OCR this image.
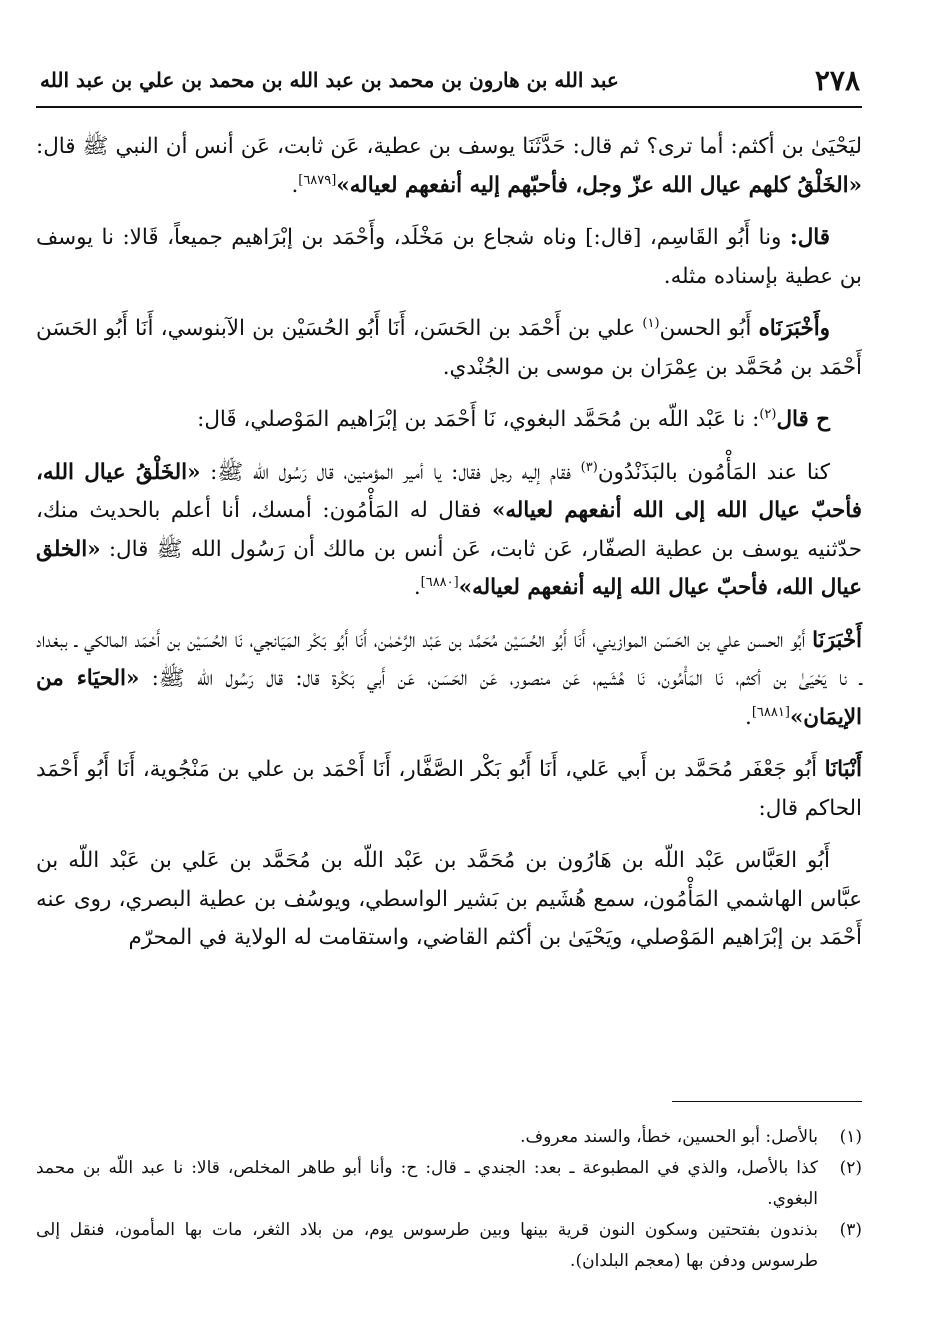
٢٧٨
عبد الله بن هارون بن محمد بن عبد الله بن محمد بن علي بن عبد الله

ليَحْيَىٰ بن أكثم: أما ترى؟ ثم قال: حَدَّثَنَا يوسف بن عطية، عَن ثابت، عَن أنس أن النبي ﷺ قال: «الخَلْقُ كلهم عيال الله عزّ وجل، فأحبّهم إليه أنفعهم لعياله»[٦٨٧٩].

قال: ونا أَبُو القَاسِم، [قال:] وناه شجاع بن مَخْلَد، وأَحْمَد بن إبْرَاهيم جميعاً، قَالا: نا يوسف بن عطية بإسناده مثله.

وأَخْبَرَنَاه أَبُو الحسن$^{(١)}$ علي بن أَحْمَد بن الحَسَن، أَنَا أَبُو الحُسَيْن بن الآبنوسي، أَنَا أَبُو الحَسَن أَحْمَد بن مُحَمَّد بن عِمْرَان بن موسى بن الجُنْدي.

ح قال$^{(٢)}$: نا عَبْد اللّه بن مُحَمَّد البغوي، نَا أَحْمَد بن إبْرَاهيم المَوْصلي، قَال:

كنا عند المَأْمُون بالبَذَنْدُون$^{(٣)}$ فقام إليه رجل فقال: يا أمير المؤمنين، قال رَسُول الله ﷺ: «الخَلْقُ عيال الله، فأحبّ عيال الله إلى الله أنفعهم لعياله» فقال له المَأْمُون: أمسك، أنا أعلم بالحديث منك، حدّثنيه يوسف بن عطية الصفّار، عَن ثابت، عَن أنس بن مالك أن رَسُول الله ﷺ قال: «الخلق عيال الله، فأحبّ عيال الله إليه أنفعهم لعياله»[٦٨٨٠].

أَخْبَرَنَا أَبُو الحسن علي بن الحَسَن الموازيني، أَنَا أَبُو الحُسَيْن مُحَمَّد بن عَبْد الرَّحْمٰن، أَنَا أَبُو بَكْر المَيَانجي، نَا الحُسَيْن بن أَحْمَد المالكي ـ ببغداد ـ نا يَحْيَىٰ بن أكثم، نَا المَأْمُون، نَا هُشَيم، عَن منصور، عَن الحَسَن، عَن أَبي بَكْرة قال: قال رَسُول الله ﷺ: «الحيَاء من الإيمَان»[٦٨٨١].

أَنْبَانَا أَبُو جَعْفَر مُحَمَّد بن أَبي عَلي، أَنَا أَبُو بَكْر الصَّفَّار، أَنَا أَحْمَد بن علي بن مَنْجُوية، أَنَا أَبُو أَحْمَد الحاكم قال:

أَبُو العَبَّاس عَبْد اللّه بن هَارُون بن مُحَمَّد بن عَبْد اللّه بن مُحَمَّد بن عَلي بن عَبْد اللّه بن عبَّاس الهاشمي المَأْمُون، سمع هُشَيم بن بَشير الواسطي، ويوسُف بن عطية البصري، روى عنه أَحْمَد بن إبْرَاهيم المَوْصلي، ويَحْيَىٰ بن أكثم القاضي، واستقامت له الولاية في المحرّم

(١)
بالأصل: أبو الحسين، خطأ، والسند معروف.

(٢)
كذا بالأصل، والذي في المطبوعة ـ بعد: الجندي ـ قال: ح: وأنا أبو طاهر المخلص، قالا: نا عبد اللّه بن محمد البغوي.

(٣)
بذندون بفتحتين وسكون النون قرية بينها وبين طرسوس يوم، من بلاد الثغر، مات بها المأمون، فنقل إلى طرسوس ودفن بها (معجم البلدان).
